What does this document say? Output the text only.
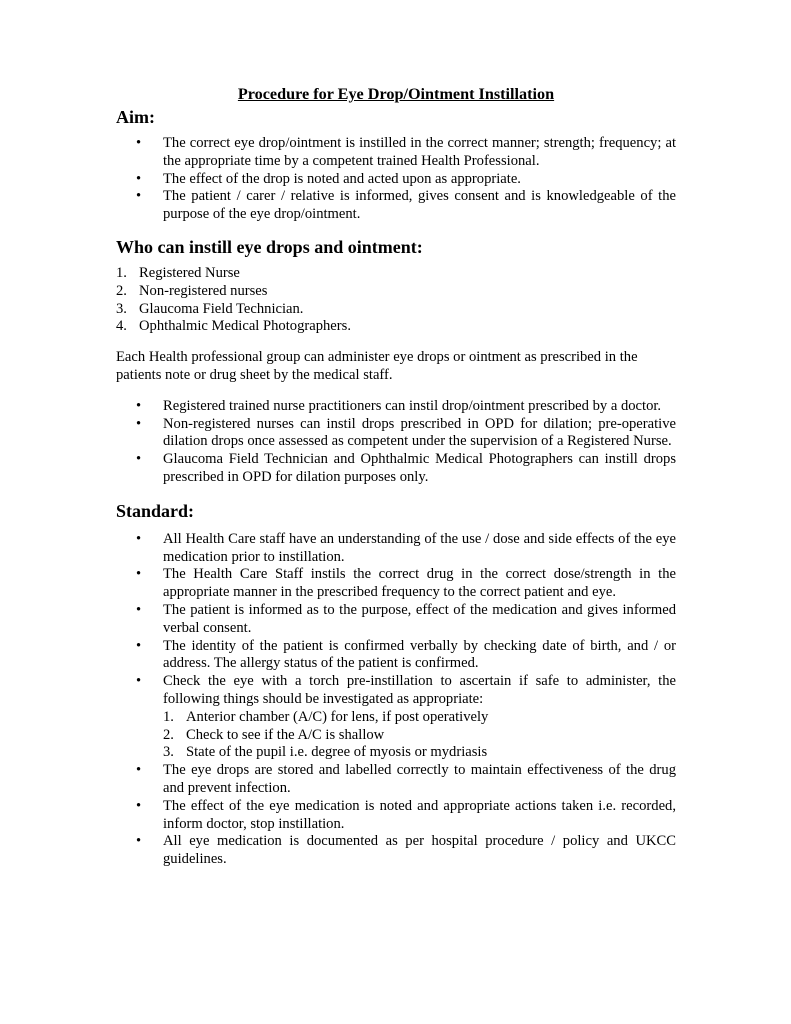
Procedure for Eye Drop/Ointment Instillation
Aim:
• The correct eye drop/ointment is instilled in the correct manner; strength; frequency; at the appropriate time by a competent trained Health Professional.
• The effect of the drop is noted and acted upon as appropriate.
• The patient / carer / relative is informed, gives consent and is knowledgeable of the purpose of the eye drop/ointment.
Who can instill eye drops and ointment:
1. Registered Nurse
2. Non-registered nurses
3. Glaucoma Field Technician.
4. Ophthalmic Medical Photographers.

Each Health professional group can administer eye drops or ointment as prescribed in the patients note or drug sheet by the medical staff.

• Registered trained nurse practitioners can instil drop/ointment prescribed by a doctor.
• Non-registered nurses can instil drops prescribed in OPD for dilation; pre-operative dilation drops once assessed as competent under the supervision of a Registered Nurse.
• Glaucoma Field Technician and Ophthalmic Medical Photographers can instill drops prescribed in OPD for dilation purposes only.
Standard:
• All Health Care staff have an understanding of the use / dose and side effects of the eye medication prior to instillation.
• The Health Care Staff instils the correct drug in the correct dose/strength in the appropriate manner in the prescribed frequency to the correct patient and eye.
• The patient is informed as to the purpose, effect of the medication and gives informed verbal consent.
• The identity of the patient is confirmed verbally by checking date of birth, and / or address. The allergy status of the patient is confirmed.
• Check the eye with a torch pre-instillation to ascertain if safe to administer, the following things should be investigated as appropriate:
1. Anterior chamber (A/C) for lens, if post operatively
2. Check to see if the A/C is shallow
3. State of the pupil i.e. degree of myosis or mydriasis
• The eye drops are stored and labelled correctly to maintain effectiveness of the drug and prevent infection.
• The effect of the eye medication is noted and appropriate actions taken i.e. recorded, inform doctor, stop instillation.
• All eye medication is documented as per hospital procedure / policy and UKCC guidelines.
